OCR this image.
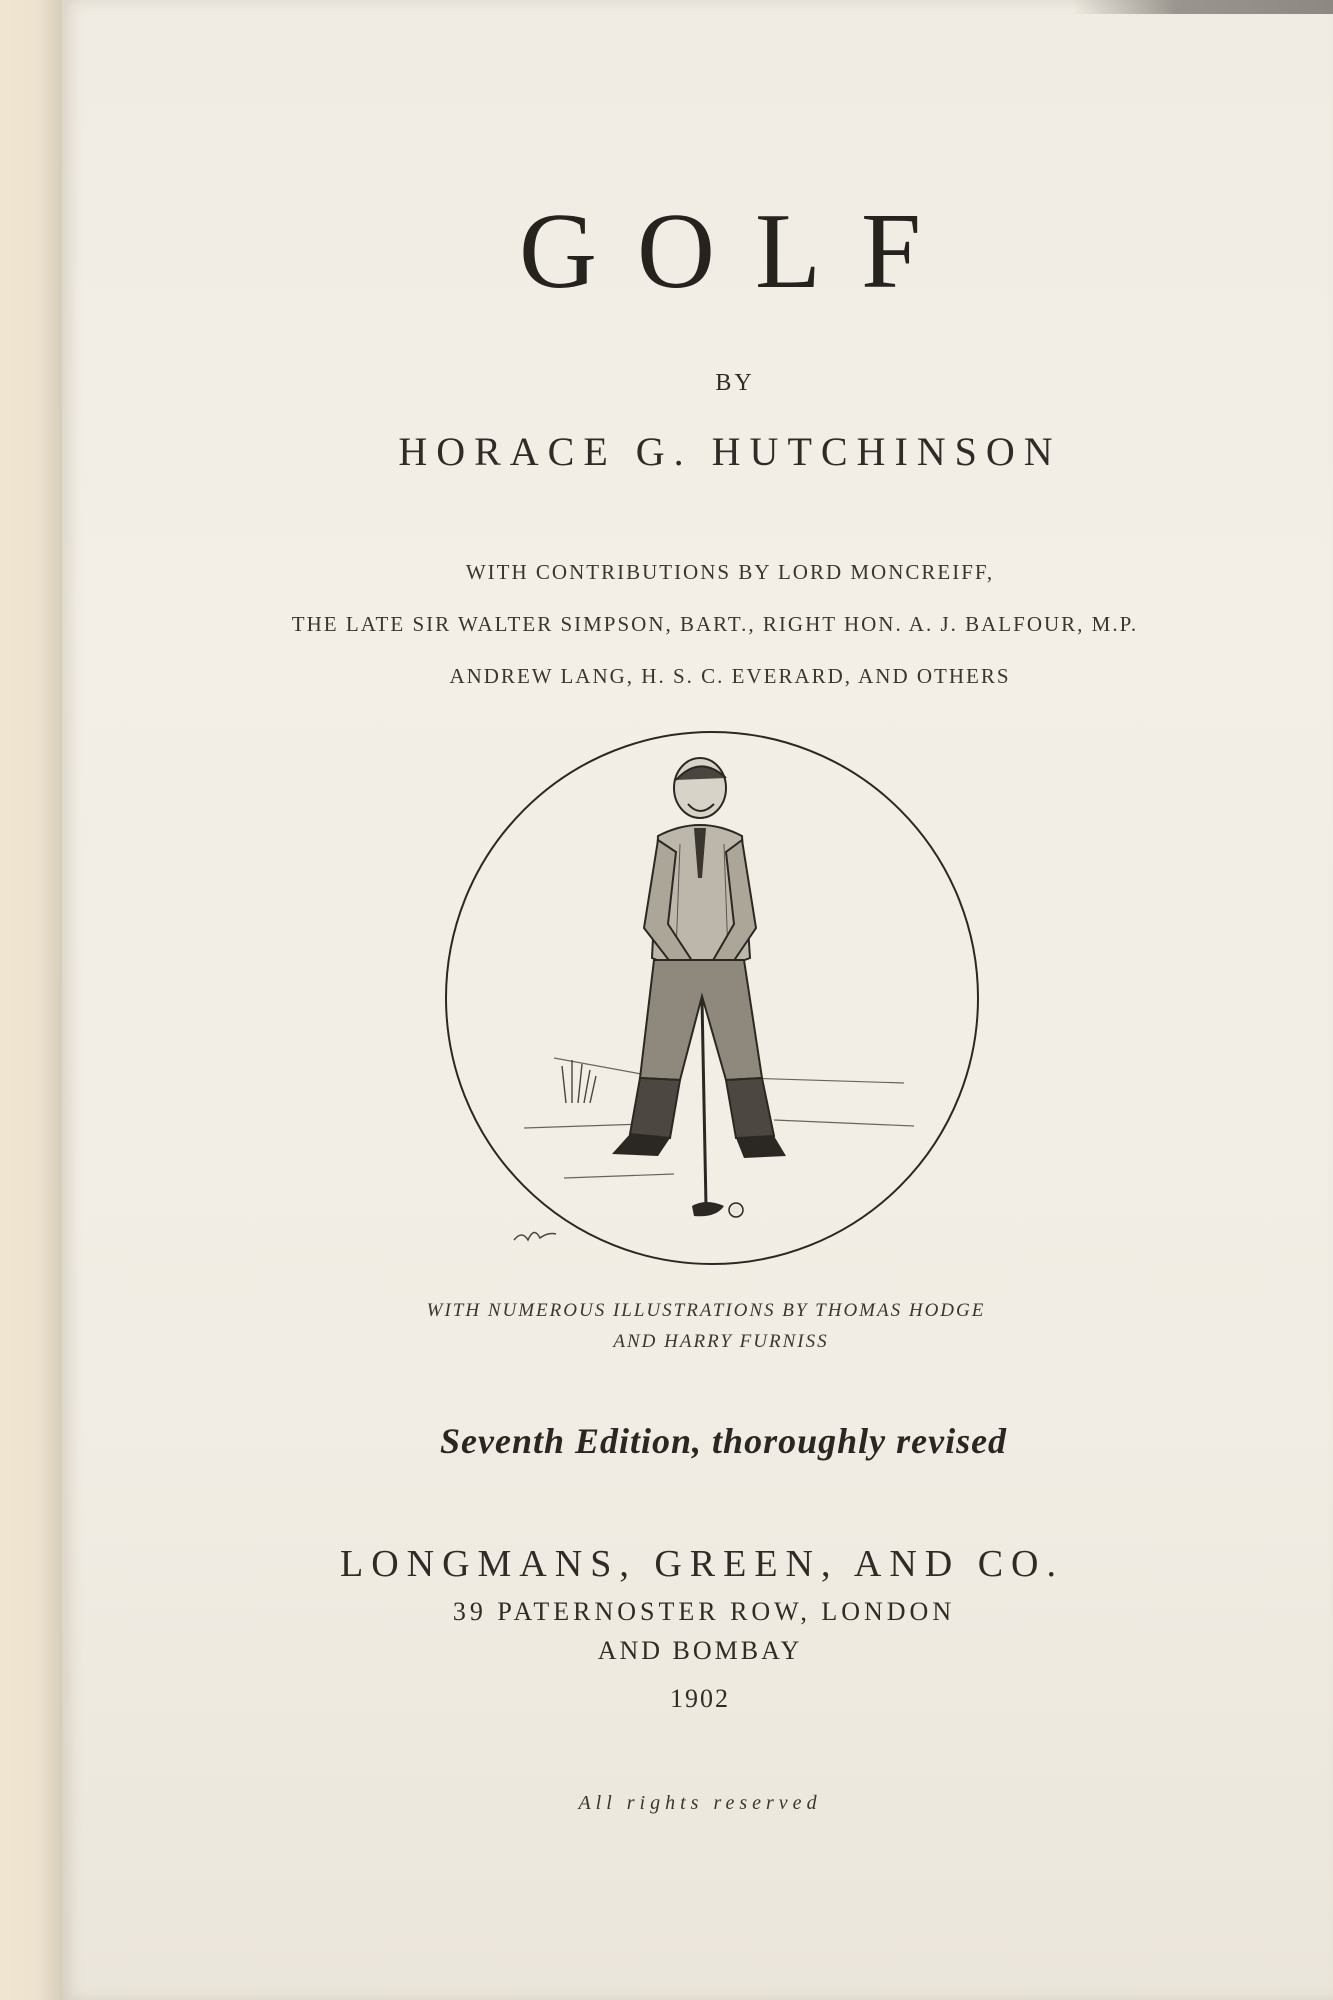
GOLF
BY
HORACE G. HUTCHINSON
WITH CONTRIBUTIONS BY LORD MONCREIFF,
THE LATE SIR WALTER SIMPSON, BART., RIGHT HON. A. J. BALFOUR, M.P.
ANDREW LANG, H. S. C. EVERARD, AND OTHERS
WITH NUMEROUS ILLUSTRATIONS BY THOMAS HODGE
AND HARRY FURNISS
Seventh Edition, thoroughly revised
LONGMANS, GREEN, AND CO.
39 PATERNOSTER ROW, LONDON
AND BOMBAY
1902
All rights reserved
